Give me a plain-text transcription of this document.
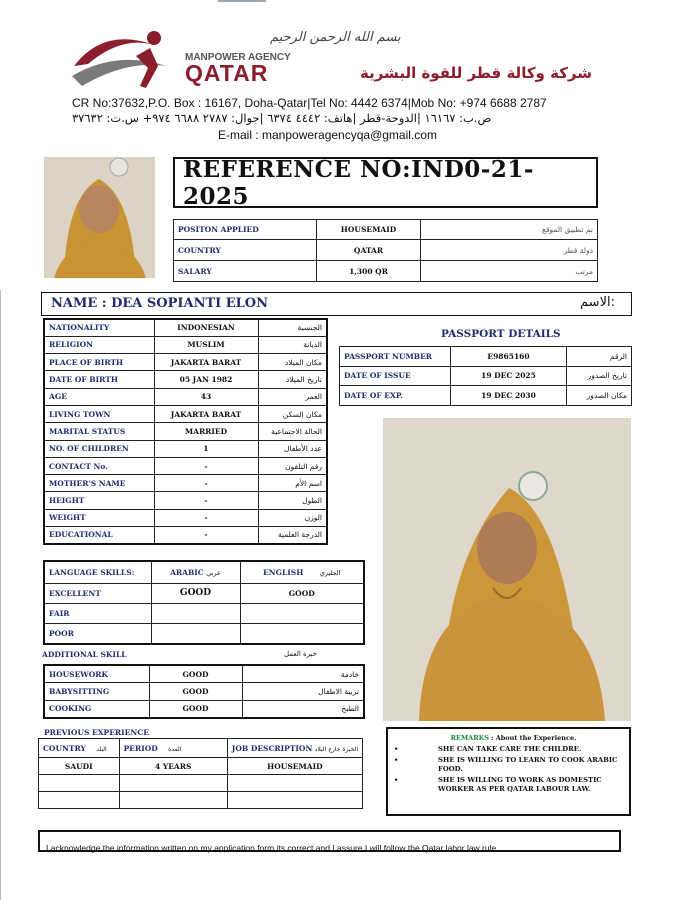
بسم الله الرحمن الرحيم
MANPOWER AGENCY
QATAR	شركة وكالة قطر للقوة البشرية
CR No:37632,P.O. Box : 16167, Doha-Qatar|Tel No: 4442 6374|Mob No: +974 6688 2787
ص.ب: ١٦١٦٧ |الدوحة-قطر |هاتف: ٤٤٤٢ ٦٣٧٤ |جوال: ٢٧٨٧ ٦٦٨٨ ٩٧٤+ س.ت: ٣٧٦٣٢
E-mail : manpoweragencyqa@gmail.com
REFERENCE NO:IND0-21-2025
POSITON APPLIED	HOUSEMAID	تم تطبيق الموقع
COUNTRY	QATAR	دولة قطر
SALARY	1,300 QR	مرتب
NAME : DEA SOPIANTI ELON	الاسم:
NATIONALITY	INDONESIAN	الجنسية
RELIGION	MUSLIM	الديانة
PLACE OF BIRTH	JAKARTA BARAT	مكان الميلاد
DATE OF BIRTH	05 JAN 1982	تاريخ الميلاد
AGE	43	العمر
LIVING TOWN	JAKARTA BARAT	مكان السكن
MARITAL STATUS	MARRIED	الحالة الاجتماعية
NO. OF CHILDREN	1	عدد الأطفال
CONTACT No.	-	رقم التلفون
MOTHER'S NAME	-	اسم الأم
HEIGHT	-	الطول
WEIGHT	-	الوزن
EDUCATIONAL	-	الدرجة العلمية
PASSPORT DETAILS
PASSPORT NUMBER	E9865160	الرقم
DATE OF ISSUE	19 DEC 2025	تاريخ الصدور
DATE OF EXP.	19 DEC 2030	مكان الصدور
LANGUAGE SKILLS:	ARABIC عربي	ENGLISH الجليزي
EXCELLENT	GOOD	GOOD
FAIR		
POOR		
ADDITIONAL SKILL	خبرة العمل
HOUSEWORK	GOOD	خادمة
BABYSITTING	GOOD	تربية الاطفال
COOKING	GOOD	الطبخ
PREVIOUS EXPERIENCE
COUNTRY البلد	PERIOD المدة	JOB DESCRIPTION الخبرة خارج البلاد
SAUDI	4 YEARS	HOUSEMAID

REMARKS : About the Experience.
•	SHE CAN TAKE CARE THE CHILDRE.
•	SHE IS WILLING TO LEARN TO COOK ARABIC FOOD.
•	SHE IS WILLING TO WORK AS DOMESTIC WORKER AS PER QATAR LABOUR LAW.
I acknowledge the information written on my application form its correct and I assure I will follow the Qatar labor law rule.
